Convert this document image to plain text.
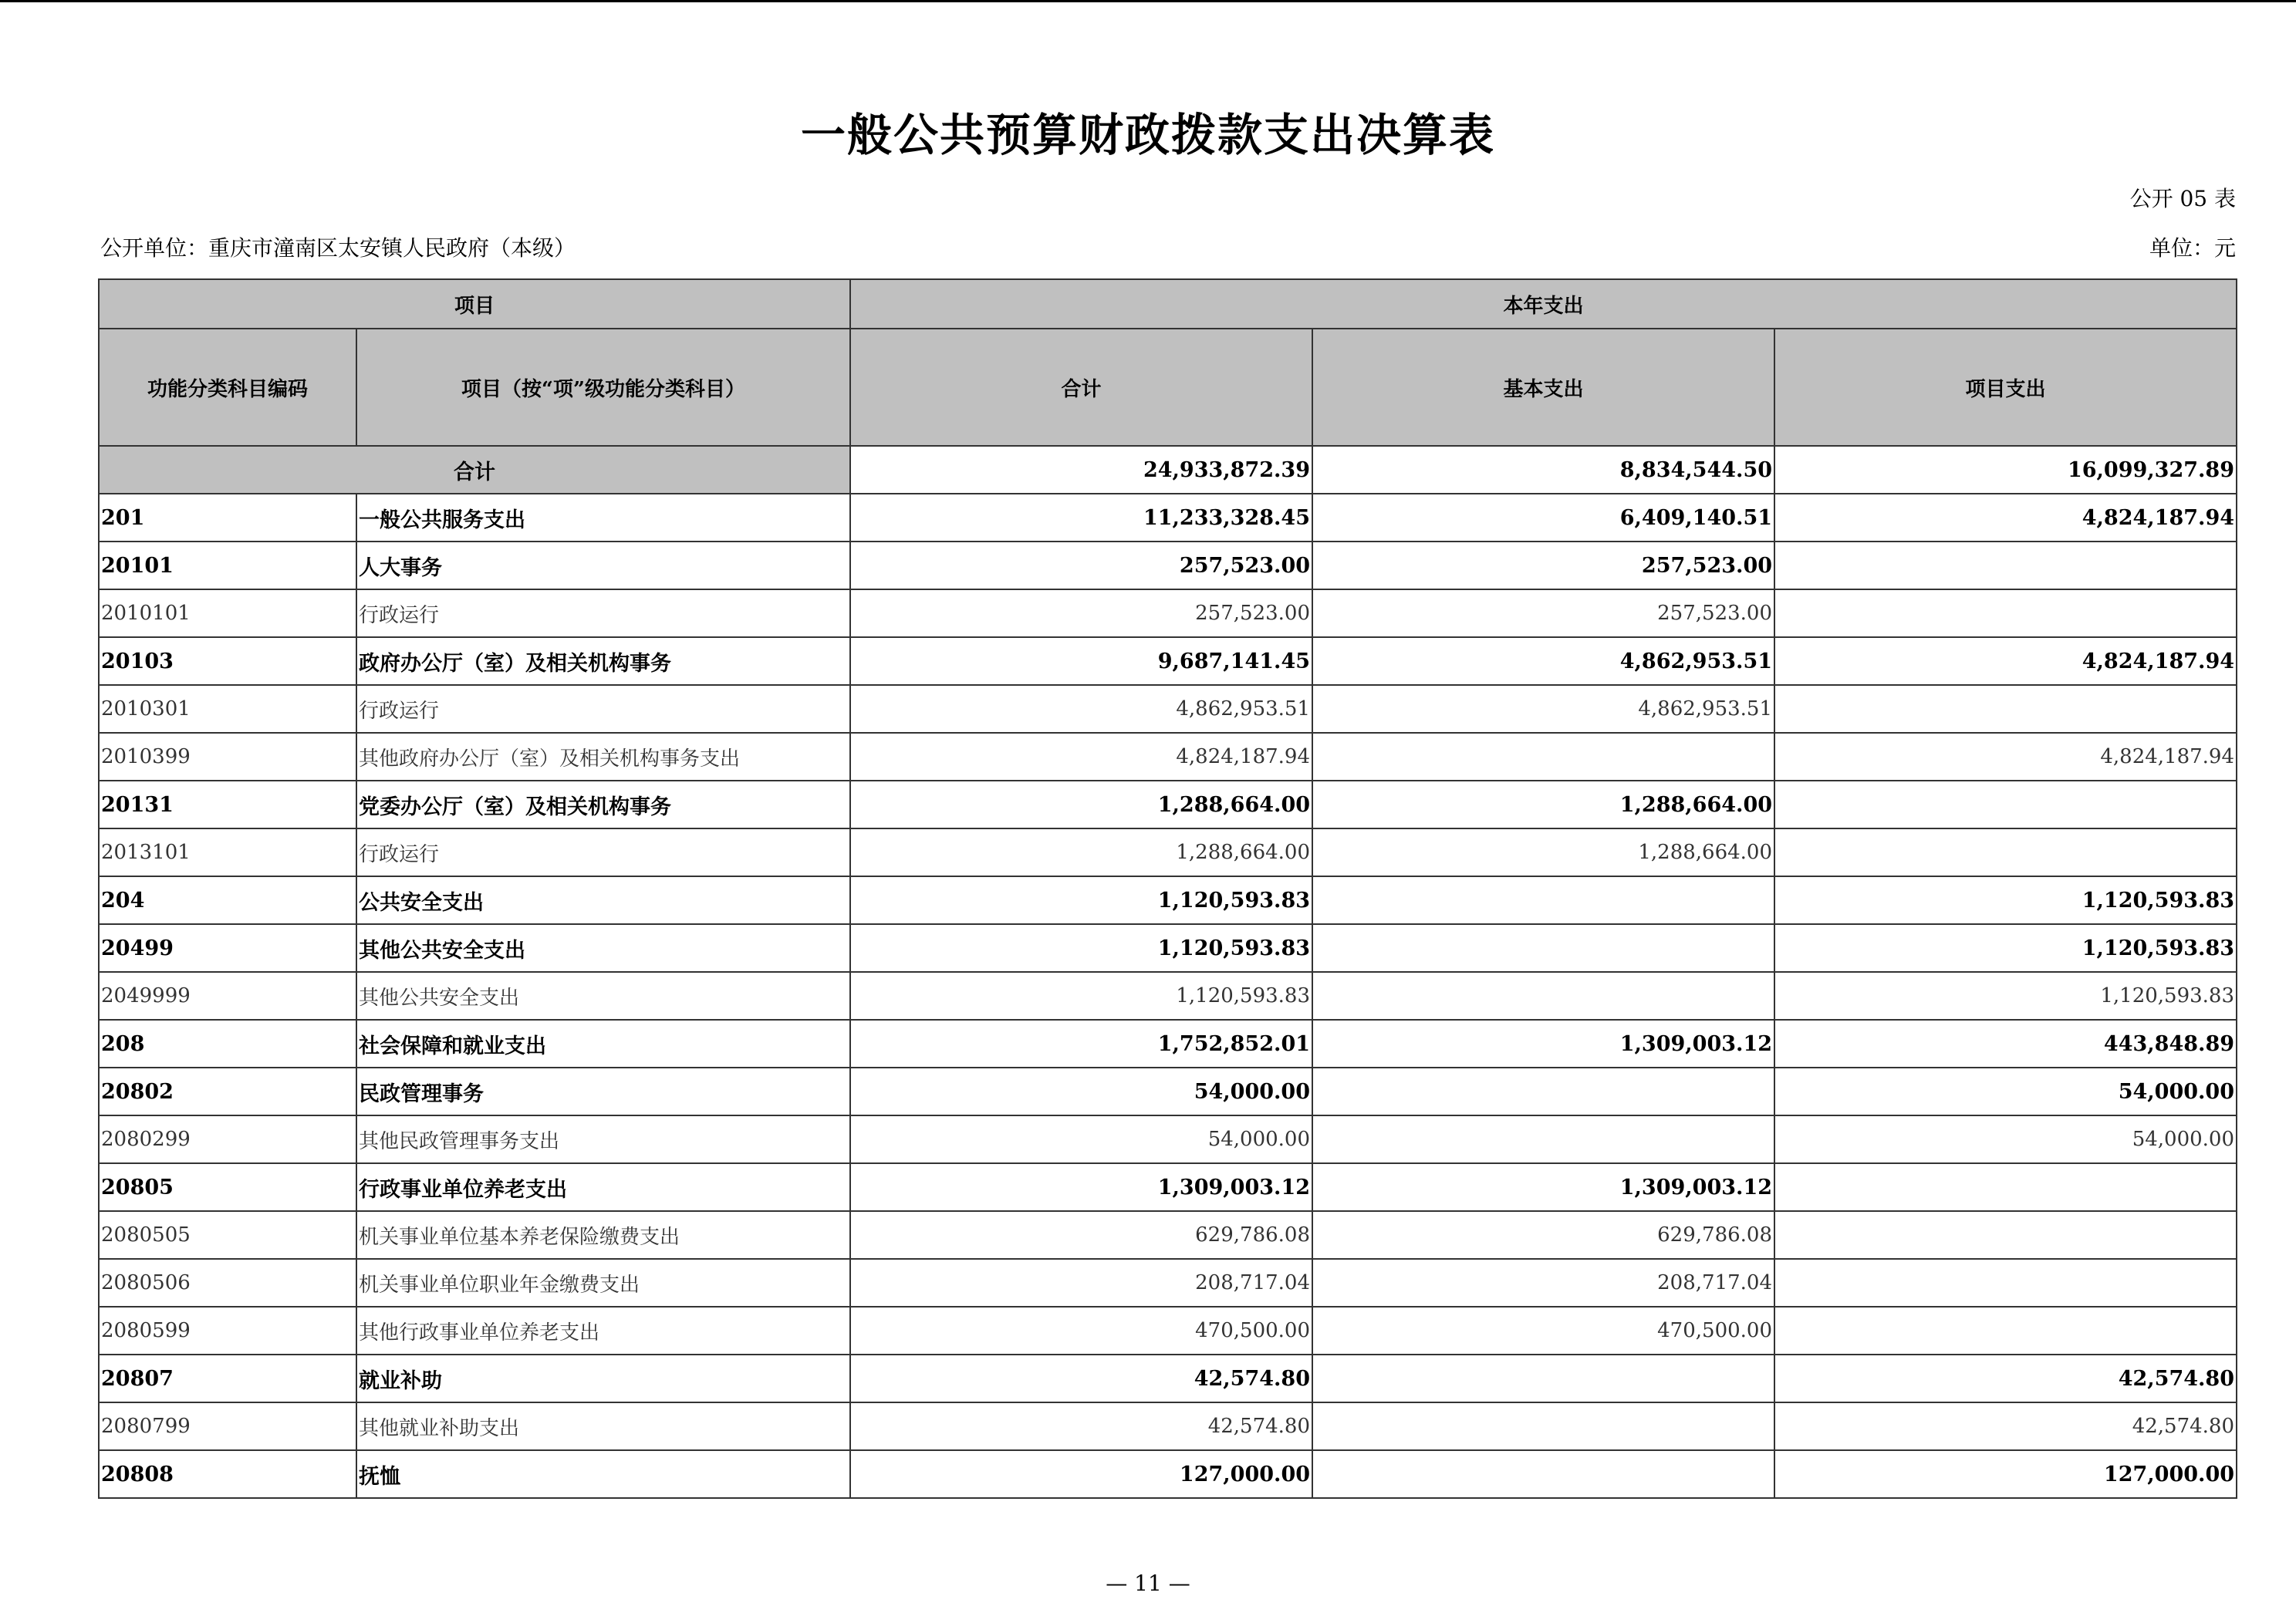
一般公共预算财政拨款支出决算表
公开 05 表
公开单位：重庆市潼南区太安镇人民政府（本级）	单位：元
项目		本年支出		
功能分类科目编码	项目（按“项”级功能分类科目）	合计	基本支出	项目支出
合计		24,933,872.39	8,834,544.50	16,099,327.89
201	一般公共服务支出	11,233,328.45	6,409,140.51	4,824,187.94
20101	人大事务	257,523.00	257,523.00	
2010101	行政运行	257,523.00	257,523.00	
20103	政府办公厅（室）及相关机构事务	9,687,141.45	4,862,953.51	4,824,187.94
2010301	行政运行	4,862,953.51	4,862,953.51	
2010399	其他政府办公厅（室）及相关机构事务支出	4,824,187.94		4,824,187.94
20131	党委办公厅（室）及相关机构事务	1,288,664.00	1,288,664.00	
2013101	行政运行	1,288,664.00	1,288,664.00	
204	公共安全支出	1,120,593.83		1,120,593.83
20499	其他公共安全支出	1,120,593.83		1,120,593.83
2049999	其他公共安全支出	1,120,593.83		1,120,593.83
208	社会保障和就业支出	1,752,852.01	1,309,003.12	443,848.89
20802	民政管理事务	54,000.00		54,000.00
2080299	其他民政管理事务支出	54,000.00		54,000.00
20805	行政事业单位养老支出	1,309,003.12	1,309,003.12	
2080505	机关事业单位基本养老保险缴费支出	629,786.08	629,786.08	
2080506	机关事业单位职业年金缴费支出	208,717.04	208,717.04	
2080599	其他行政事业单位养老支出	470,500.00	470,500.00	
20807	就业补助	42,574.80		42,574.80
2080799	其他就业补助支出	42,574.80		42,574.80
20808	抚恤	127,000.00		127,000.00
— 11 —
